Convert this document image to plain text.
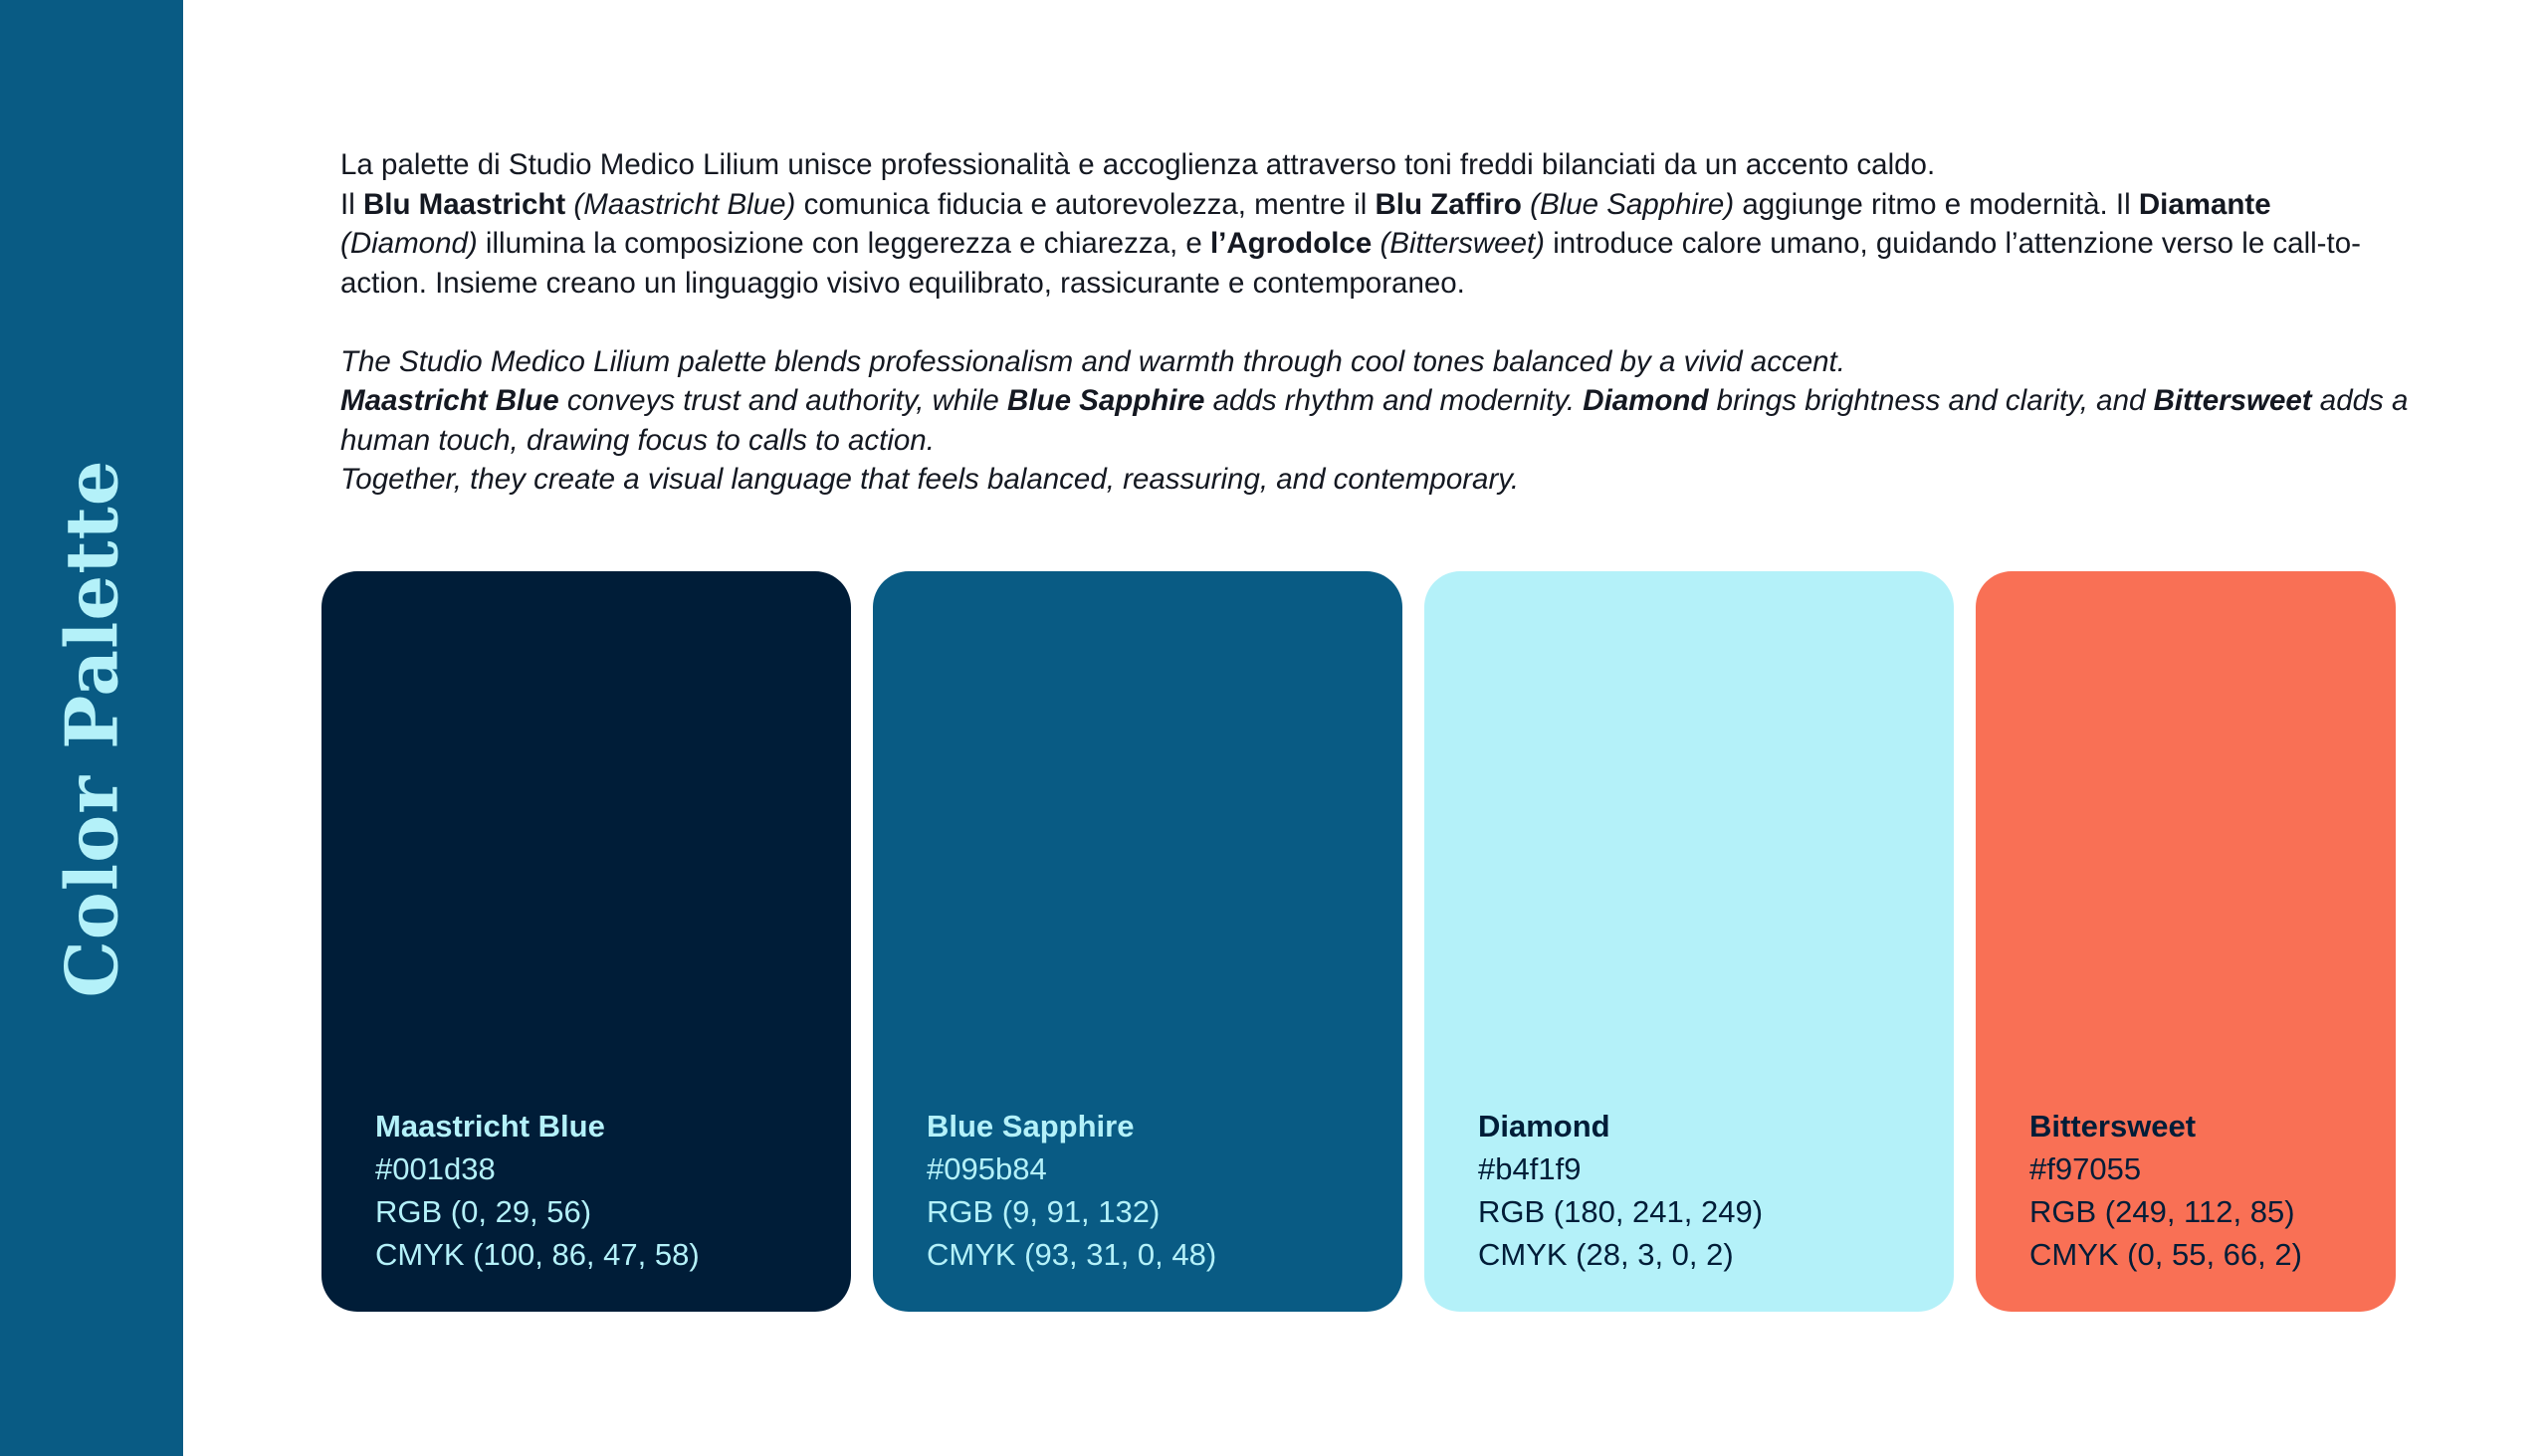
Color Palette

La palette di Studio Medico Lilium unisce professionalità e accoglienza attraverso toni freddi bilanciati da un accento caldo.

Il Blu Maastricht (Maastricht Blue) comunica fiducia e autorevolezza, mentre il Blu Zaffiro (Blue Sapphire) aggiunge ritmo e modernità. Il Diamante (Diamond) illumina la composizione con leggerezza e chiarezza, e l’Agrodolce (Bittersweet) introduce calore umano, guidando l’attenzione verso le call-to-action. Insieme creano un linguaggio visivo equilibrato, rassicurante e contemporaneo.

The Studio Medico Lilium palette blends professionalism and warmth through cool tones balanced by a vivid accent.

Maastricht Blue conveys trust and authority, while Blue Sapphire adds rhythm and modernity. Diamond brings brightness and clarity, and Bittersweet adds a human touch, drawing focus to calls to action.

Together, they create a visual language that feels balanced, reassuring, and contemporary.

Maastricht Blue
#001d38
RGB (0, 29, 56)
CMYK (100, 86, 47, 58)
Blue Sapphire
#095b84
RGB (9, 91, 132)
CMYK (93, 31, 0, 48)
Diamond
#b4f1f9
RGB (180, 241, 249)
CMYK (28, 3, 0, 2)
Bittersweet
#f97055
RGB (249, 112, 85)
CMYK (0, 55, 66, 2)
